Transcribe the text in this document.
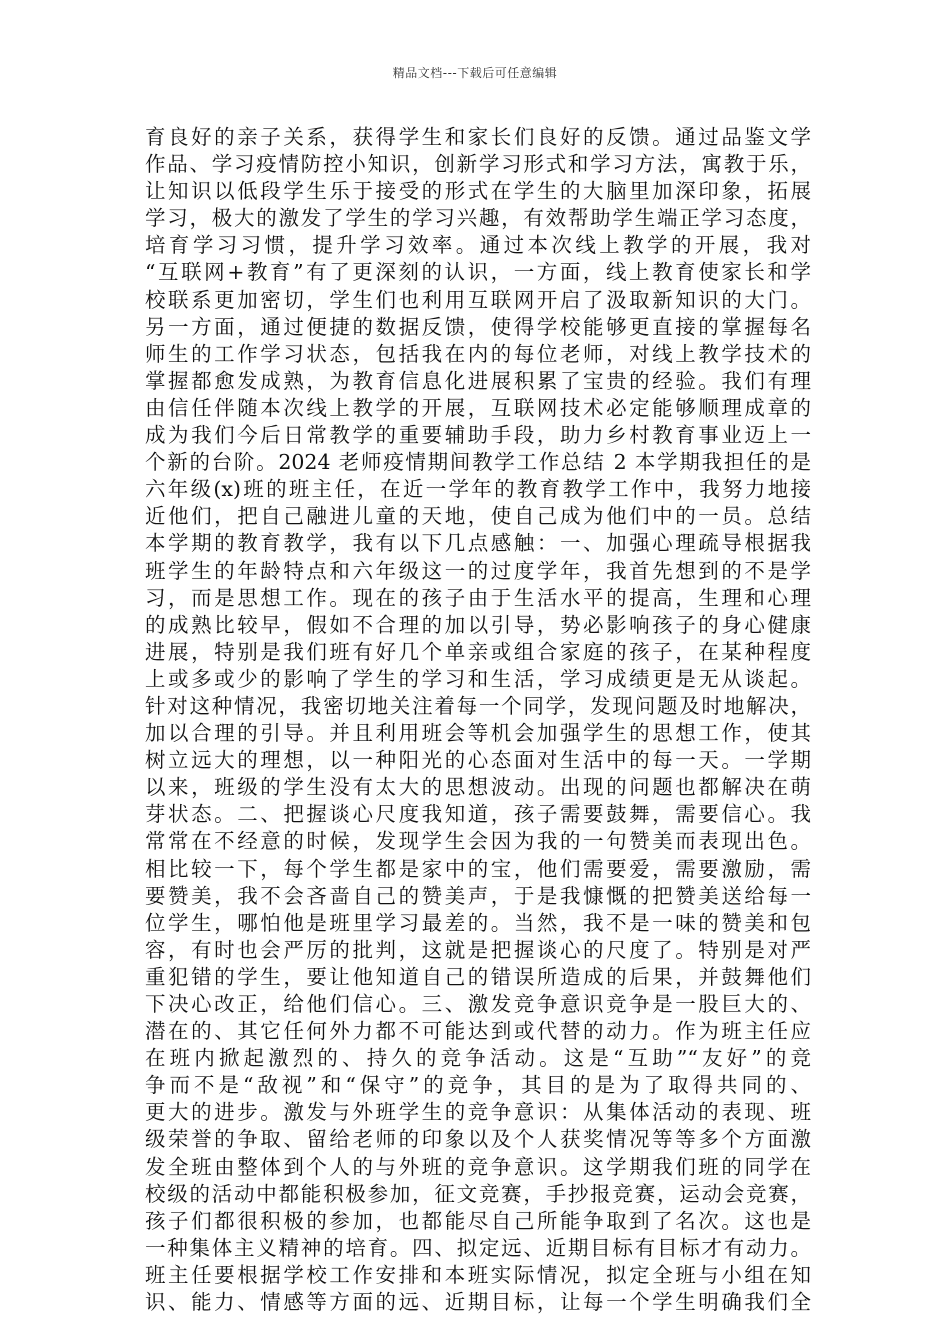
精品文档---下载后可任意编辑
育良好的亲子关系，获得学生和家长们良好的反馈。通过品鉴文学
作品、学习疫情防控小知识，创新学习形式和学习方法，寓教于乐，
让知识以低段学生乐于接受的形式在学生的大脑里加深印象，拓展
学习，极大的激发了学生的学习兴趣，有效帮助学生端正学习态度，
培育学习习惯，提升学习效率。通过本次线上教学的开展，我对
“互联网+教育”有了更深刻的认识，一方面，线上教育使家长和学
校联系更加密切，学生们也利用互联网开启了汲取新知识的大门。
另一方面，通过便捷的数据反馈，使得学校能够更直接的掌握每名
师生的工作学习状态，包括我在内的每位老师，对线上教学技术的
掌握都愈发成熟，为教育信息化进展积累了宝贵的经验。我们有理
由信任伴随本次线上教学的开展，互联网技术必定能够顺理成章的
成为我们今后日常教学的重要辅助手段，助力乡村教育事业迈上一
个新的台阶。2024 老师疫情期间教学工作总结 2 本学期我担任的是
六年级(x)班的班主任，在近一学年的教育教学工作中，我努力地接
近他们，把自己融进儿童的天地，使自己成为他们中的一员。总结
本学期的教育教学，我有以下几点感触：一、加强心理疏导根据我
班学生的年龄特点和六年级这一的过度学年，我首先想到的不是学
习，而是思想工作。现在的孩子由于生活水平的提高，生理和心理
的成熟比较早，假如不合理的加以引导，势必影响孩子的身心健康
进展，特别是我们班有好几个单亲或组合家庭的孩子，在某种程度
上或多或少的影响了学生的学习和生活，学习成绩更是无从谈起。
针对这种情况，我密切地关注着每一个同学，发现问题及时地解决，
加以合理的引导。并且利用班会等机会加强学生的思想工作，使其
树立远大的理想，以一种阳光的心态面对生活中的每一天。一学期
以来，班级的学生没有太大的思想波动。出现的问题也都解决在萌
芽状态。二、把握谈心尺度我知道，孩子需要鼓舞，需要信心。我
常常在不经意的时候，发现学生会因为我的一句赞美而表现出色。
相比较一下，每个学生都是家中的宝，他们需要爱，需要激励，需
要赞美，我不会吝啬自己的赞美声，于是我慷慨的把赞美送给每一
位学生，哪怕他是班里学习最差的。当然，我不是一味的赞美和包
容，有时也会严厉的批判，这就是把握谈心的尺度了。特别是对严
重犯错的学生，要让他知道自己的错误所造成的后果，并鼓舞他们
下决心改正，给他们信心。三、激发竞争意识竞争是一股巨大的、
潜在的、其它任何外力都不可能达到或代替的动力。作为班主任应
在班内掀起激烈的、持久的竞争活动。这是“互助”“友好”的竞
争而不是“敌视”和“保守”的竞争，其目的是为了取得共同的、
更大的进步。激发与外班学生的竞争意识：从集体活动的表现、班
级荣誉的争取、留给老师的印象以及个人获奖情况等等多个方面激
发全班由整体到个人的与外班的竞争意识。这学期我们班的同学在
校级的活动中都能积极参加，征文竞赛，手抄报竞赛，运动会竞赛，
孩子们都很积极的参加，也都能尽自己所能争取到了名次。这也是
一种集体主义精神的培育。四、拟定远、近期目标有目标才有动力。
班主任要根据学校工作安排和本班实际情况，拟定全班与小组在知
识、能力、情感等方面的远、近期目标，让每一个学生明确我们全
